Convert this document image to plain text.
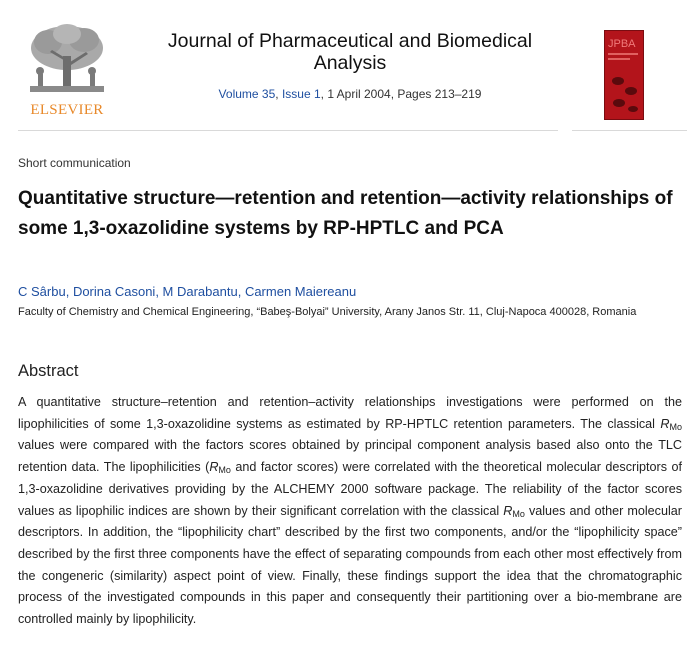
ELSEVIER
Journal of Pharmaceutical and Biomedical Analysis
Volume 35, Issue 1, 1 April 2004, Pages 213–219
JPBA
Short communication
Quantitative structure—retention and retention—activity relationships of some 1,3-oxazolidine systems by RP-HPTLC and PCA
C Sârbu, Dorina Casoni, M Darabantu, Carmen Maiereanu
Faculty of Chemistry and Chemical Engineering, “Babeş-Bolyai” University, Arany Janos Str. 11, Cluj-Napoca 400028, Romania
Abstract
A quantitative structure–retention and retention–activity relationships investigations were performed on the lipophilicities of some 1,3-oxazolidine systems as estimated by RP-HPTLC retention parameters. The classical $R_{Mo}$ values were compared with the factors scores obtained by principal component analysis based also onto the TLC retention data. The lipophilicities ($R_{Mo}$ and factor scores) were correlated with the theoretical molecular descriptors of 1,3-oxazolidine derivatives providing by the ALCHEMY 2000 software package. The reliability of the factor scores values as lipophilic indices are shown by their significant correlation with the classical $R_{Mo}$ values and other molecular descriptors. In addition, the “lipophilicity chart” described by the first two components, and/or the “lipophilicity space” described by the first three components have the effect of separating compounds from each other most effectively from the congeneric (similarity) aspect point of view. Finally, these findings support the idea that the chromatographic process of the investigated compounds in this paper and consequently their partitioning over a bio-membrane are controlled mainly by lipophilicity.
